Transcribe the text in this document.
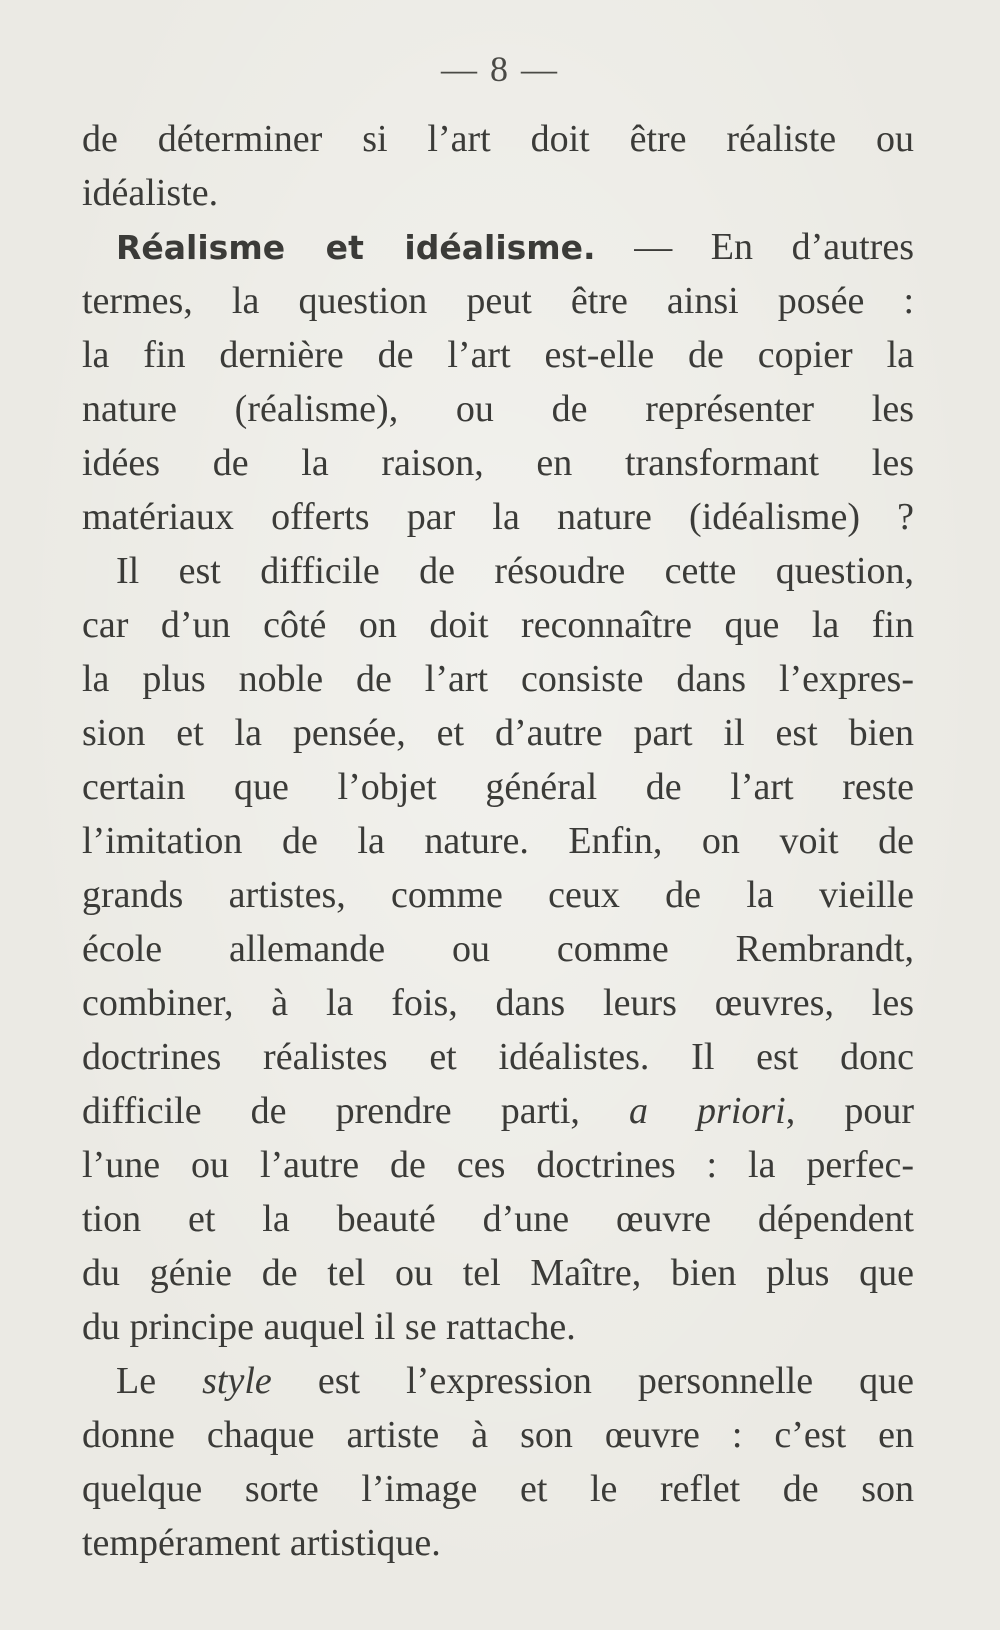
— 8 —
de déterminer si l’art doit être réaliste ou
idéaliste.
Réalisme et idéalisme. — En d’autres
termes, la question peut être ainsi posée :
la fin dernière de l’art est-elle de copier la
nature (réalisme), ou de représenter les
idées de la raison, en transformant les
matériaux offerts par la nature (idéalisme) ?
Il est difficile de résoudre cette question,
car d’un côté on doit reconnaître que la fin
la plus noble de l’art consiste dans l’expres-
sion et la pensée, et d’autre part il est bien
certain que l’objet général de l’art reste
l’imitation de la nature. Enfin, on voit de
grands artistes, comme ceux de la vieille
école allemande ou comme Rembrandt,
combiner, à la fois, dans leurs œuvres, les
doctrines réalistes et idéalistes. Il est donc
difficile de prendre parti, a priori, pour
l’une ou l’autre de ces doctrines : la perfec-
tion et la beauté d’une œuvre dépendent
du génie de tel ou tel Maître, bien plus que
du principe auquel il se rattache.
Le style est l’expression personnelle que
donne chaque artiste à son œuvre : c’est en
quelque sorte l’image et le reflet de son
tempérament artistique.
